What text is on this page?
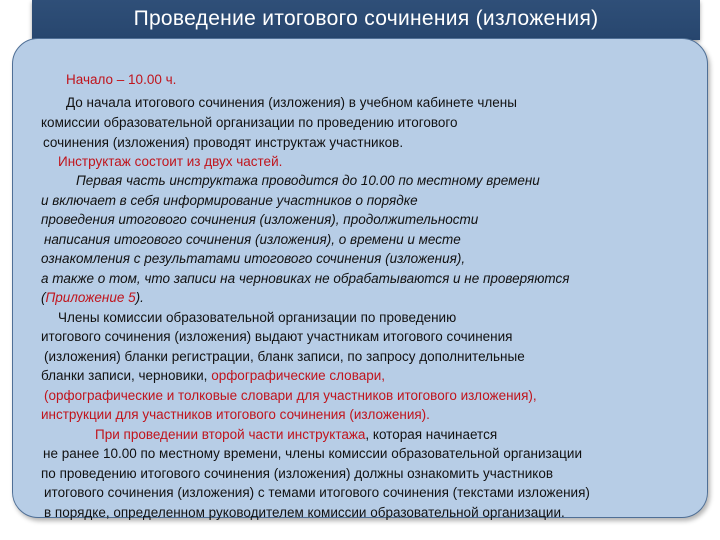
Проведение итогового сочинения (изложения)
Начало – 10.00 ч.
До начала итогового сочинения (изложения) в учебном кабинете члены
комиссии образовательной организации по проведению итогового
сочинения (изложения) проводят инструктаж участников.
Инструктаж состоит из двух частей.
Первая часть инструктажа проводится до 10.00 по местному времени
и включает в себя информирование участников о порядке
проведения итогового сочинения (изложения), продолжительности
написания итогового сочинения (изложения), о времени и месте
ознакомления с результатами итогового сочинения (изложения),
а также о том, что записи на черновиках не обрабатываются и не проверяются
(Приложение 5).
Члены комиссии образовательной организации по проведению
итогового сочинения (изложения) выдают участникам итогового сочинения
(изложения) бланки регистрации, бланк записи, по запросу дополнительные
бланки записи, черновики, орфографические словари,
(орфографические и толковые словари для участников итогового изложения),
инструкции для участников итогового сочинения (изложения).
При проведении второй части инструктажа, которая начинается
не ранее 10.00 по местному времени, члены комиссии образовательной организации
по проведению итогового сочинения (изложения) должны ознакомить участников
итогового сочинения (изложения) с темами итогового сочинения (текстами изложения)
в порядке, определенном руководителем комиссии образовательной организации.
